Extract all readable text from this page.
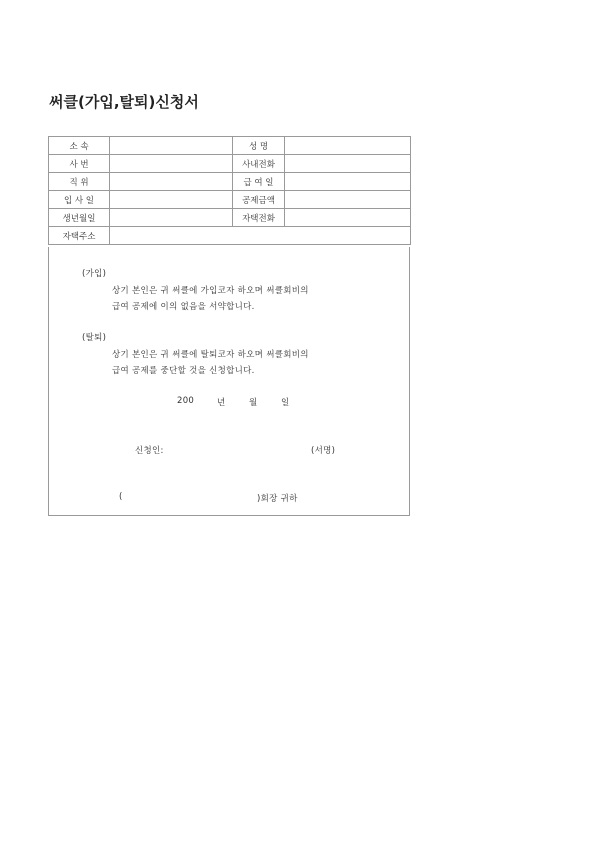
써클(가입,탈퇴)신청서
소 속		성 명	
사 번		사내전화	
직 위		급 여 일	
입 사 일		공제금액	
생년월일		자택전화	
자택주소			
(가입)
상기 본인은 귀 써클에 가입코자 하오며 써클회비의
급여 공제에 이의 없음을 서약합니다.
(탈퇴)
상기 본인은 귀 써클에 탈퇴코자 하오며 써클회비의
급여 공제를 중단할 것을 신청합니다.
200	년	월	일
신청인:	(서명)
(	)회장 귀하
